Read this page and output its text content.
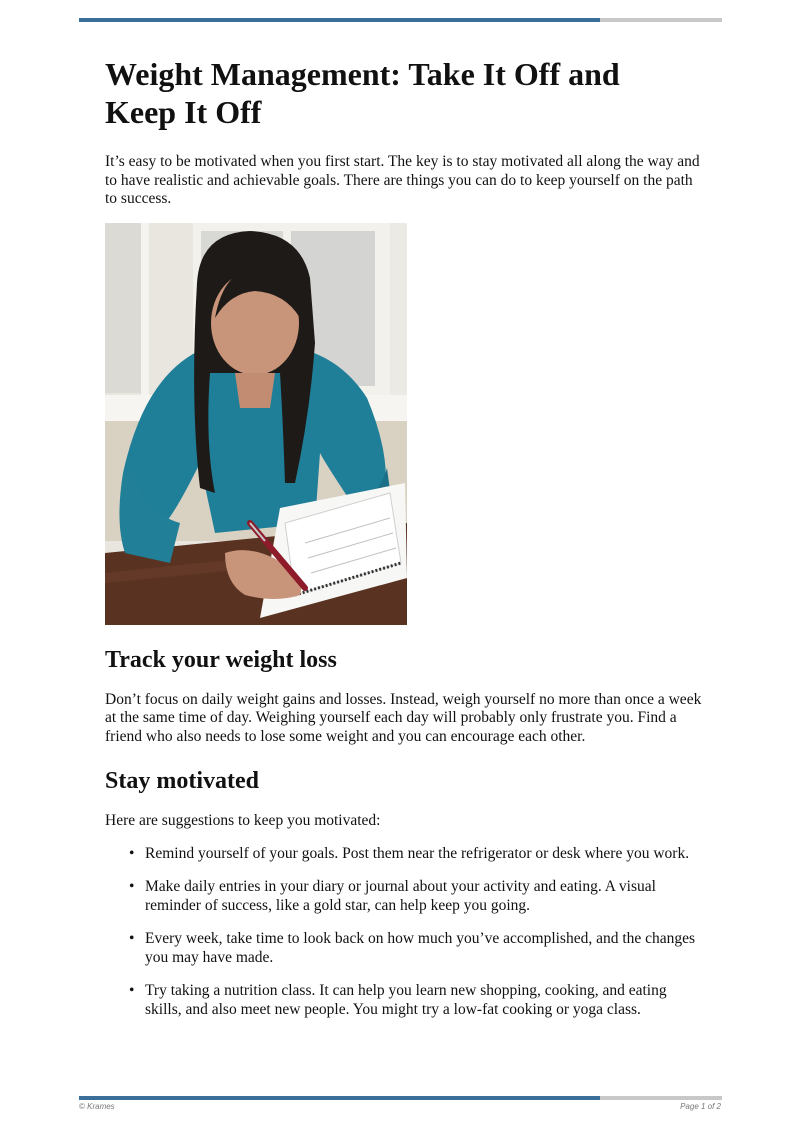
Weight Management: Take It Off and Keep It Off

It’s easy to be motivated when you first start. The key is to stay motivated all along the way and to have realistic and achievable goals. There are things you can do to keep yourself on the path to success.

Track your weight loss

Don’t focus on daily weight gains and losses. Instead, weigh yourself no more than once a week at the same time of day. Weighing yourself each day will probably only frustrate you. Find a friend who also needs to lose some weight and you can encourage each other.

Stay motivated

Here are suggestions to keep you motivated:

• Remind yourself of your goals. Post them near the refrigerator or desk where you work.
• Make daily entries in your diary or journal about your activity and eating. A visual reminder of success, like a gold star, can help keep you going.
• Every week, take time to look back on how much you’ve accomplished, and the changes you may have made.
• Try taking a nutrition class. It can help you learn new shopping, cooking, and eating skills, and also meet new people. You might try a low-fat cooking or yoga class.
© Krames	Page 1 of 2
